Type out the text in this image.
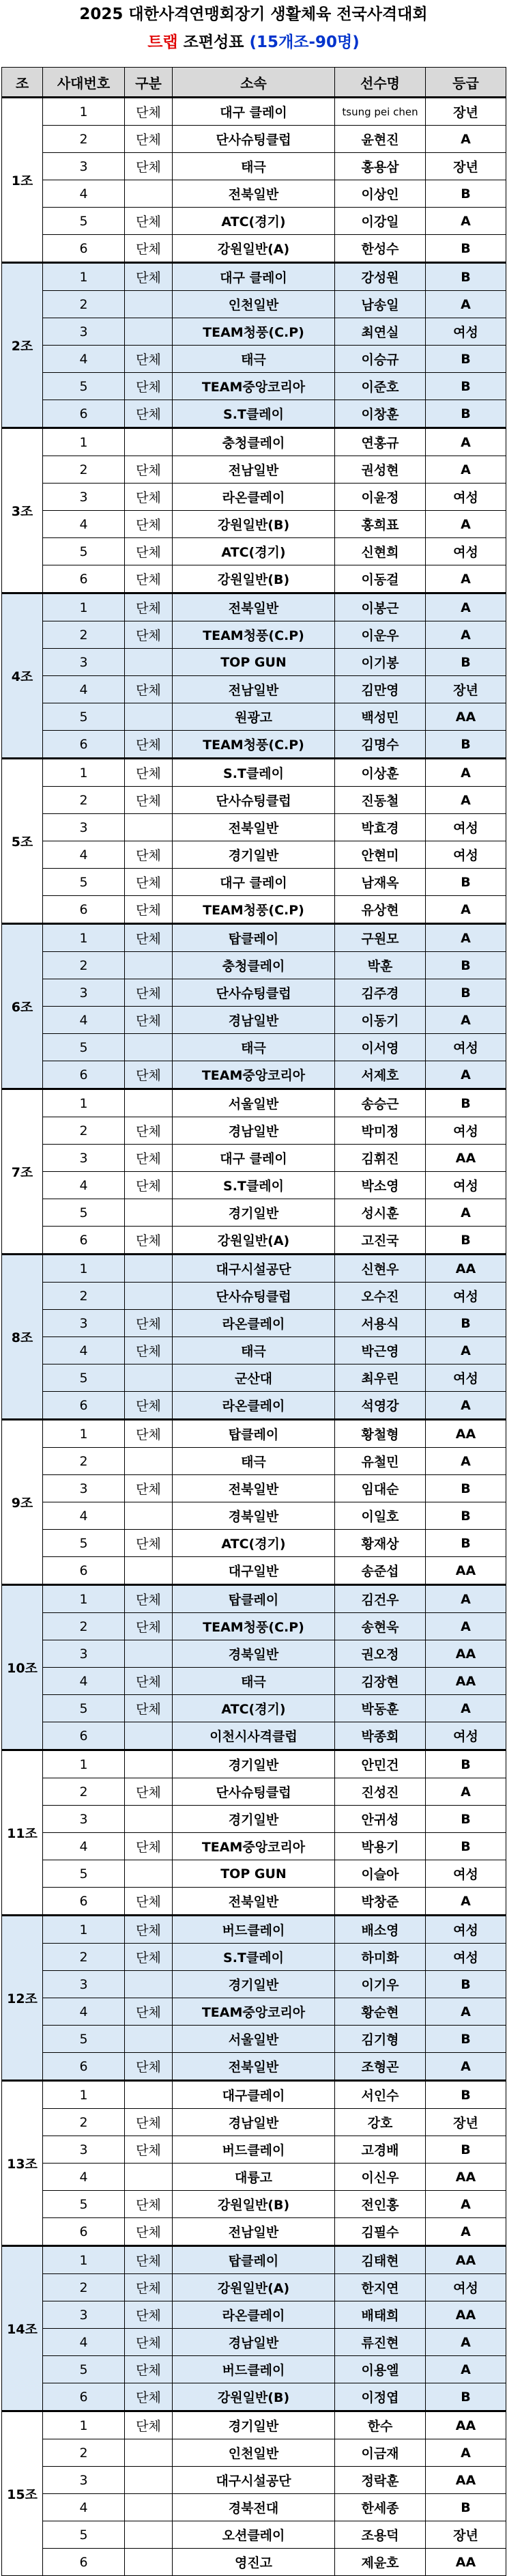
2025 대한사격연맹회장기 생활체육 전국사격대회
트랩 조편성표 (15개조-90명)
조	사대번호	구분	소속	선수명	등급
1조	1	단체	대구 클레이	tsung pei chen	장년
	2	단체	단사슈팅클럽	윤현진	A
	3	단체	태극	홍용삼	장년
	4		전북일반	이상인	B
	5	단체	ATC(경기)	이강일	A
	6	단체	강원일반(A)	한성수	B
2조	1	단체	대구 클레이	강성원	B
	2		인천일반	남송일	A
	3		TEAM청풍(C.P)	최연실	여성
	4	단체	태극	이승규	B
	5	단체	TEAM중앙코리아	이준호	B
	6	단체	S.T클레이	이창훈	B
3조	1		충청클레이	연홍규	A
	2	단체	전남일반	권성현	A
	3	단체	라온클레이	이윤정	여성
	4	단체	강원일반(B)	홍희표	A
	5	단체	ATC(경기)	신현희	여성
	6	단체	강원일반(B)	이동걸	A
4조	1	단체	전북일반	이봉근	A
	2	단체	TEAM청풍(C.P)	이운우	A
	3		TOP GUN	이기봉	B
	4	단체	전남일반	김만영	장년
	5		원광고	백성민	AA
	6	단체	TEAM청풍(C.P)	김명수	B
5조	1	단체	S.T클레이	이상훈	A
	2	단체	단사슈팅클럽	진동철	A
	3		전북일반	박효경	여성
	4	단체	경기일반	안현미	여성
	5	단체	대구 클레이	남재옥	B
	6	단체	TEAM청풍(C.P)	유상현	A
6조	1	단체	탑클레이	구원모	A
	2		충청클레이	박훈	B
	3	단체	단사슈팅클럽	김주경	B
	4	단체	경남일반	이동기	A
	5		태극	이서영	여성
	6	단체	TEAM중앙코리아	서제호	A
7조	1		서울일반	송승근	B
	2	단체	경남일반	박미정	여성
	3	단체	대구 클레이	김휘진	AA
	4	단체	S.T클레이	박소영	여성
	5		경기일반	성시훈	A
	6	단체	강원일반(A)	고진국	B
8조	1		대구시설공단	신현우	AA
	2		단사슈팅클럽	오수진	여성
	3	단체	라온클레이	서용식	B
	4	단체	태극	박근영	A
	5		군산대	최우린	여성
	6	단체	라온클레이	석영강	A
9조	1	단체	탑클레이	황철형	AA
	2		태극	유철민	A
	3	단체	전북일반	임대순	B
	4		경북일반	이일호	B
	5	단체	ATC(경기)	황재상	B
	6		대구일반	송준섭	AA
10조	1	단체	탑클레이	김건우	A
	2	단체	TEAM청풍(C.P)	송현욱	A
	3		경북일반	권오정	AA
	4	단체	태극	김장현	AA
	5	단체	ATC(경기)	박동훈	A
	6		이천시사격클럽	박종회	여성
11조	1		경기일반	안민건	B
	2	단체	단사슈팅클럽	진성진	A
	3		경기일반	안귀성	B
	4	단체	TEAM중앙코리아	박용기	B
	5		TOP GUN	이슬아	여성
	6	단체	전북일반	박창준	A
12조	1	단체	버드클레이	배소영	여성
	2	단체	S.T클레이	하미화	여성
	3		경기일반	이기우	B
	4	단체	TEAM중앙코리아	황순현	A
	5		서울일반	김기형	B
	6	단체	전북일반	조형곤	A
13조	1		대구클레이	서인수	B
	2	단체	경남일반	강호	장년
	3	단체	버드클레이	고경배	B
	4		대륭고	이신우	AA
	5	단체	강원일반(B)	전인홍	A
	6	단체	전남일반	김필수	A
14조	1	단체	탑클레이	김태현	AA
	2	단체	강원일반(A)	한지연	여성
	3	단체	라온클레이	배태희	AA
	4	단체	경남일반	류진현	A
	5	단체	버드클레이	이용엘	A
	6	단체	강원일반(B)	이정엽	B
15조	1	단체	경기일반	한수	AA
	2		인천일반	이금재	A
	3		대구시설공단	정락훈	AA
	4		경북전대	한세종	B
	5		오션클레이	조용덕	장년
	6		영진고	제윤호	AA
